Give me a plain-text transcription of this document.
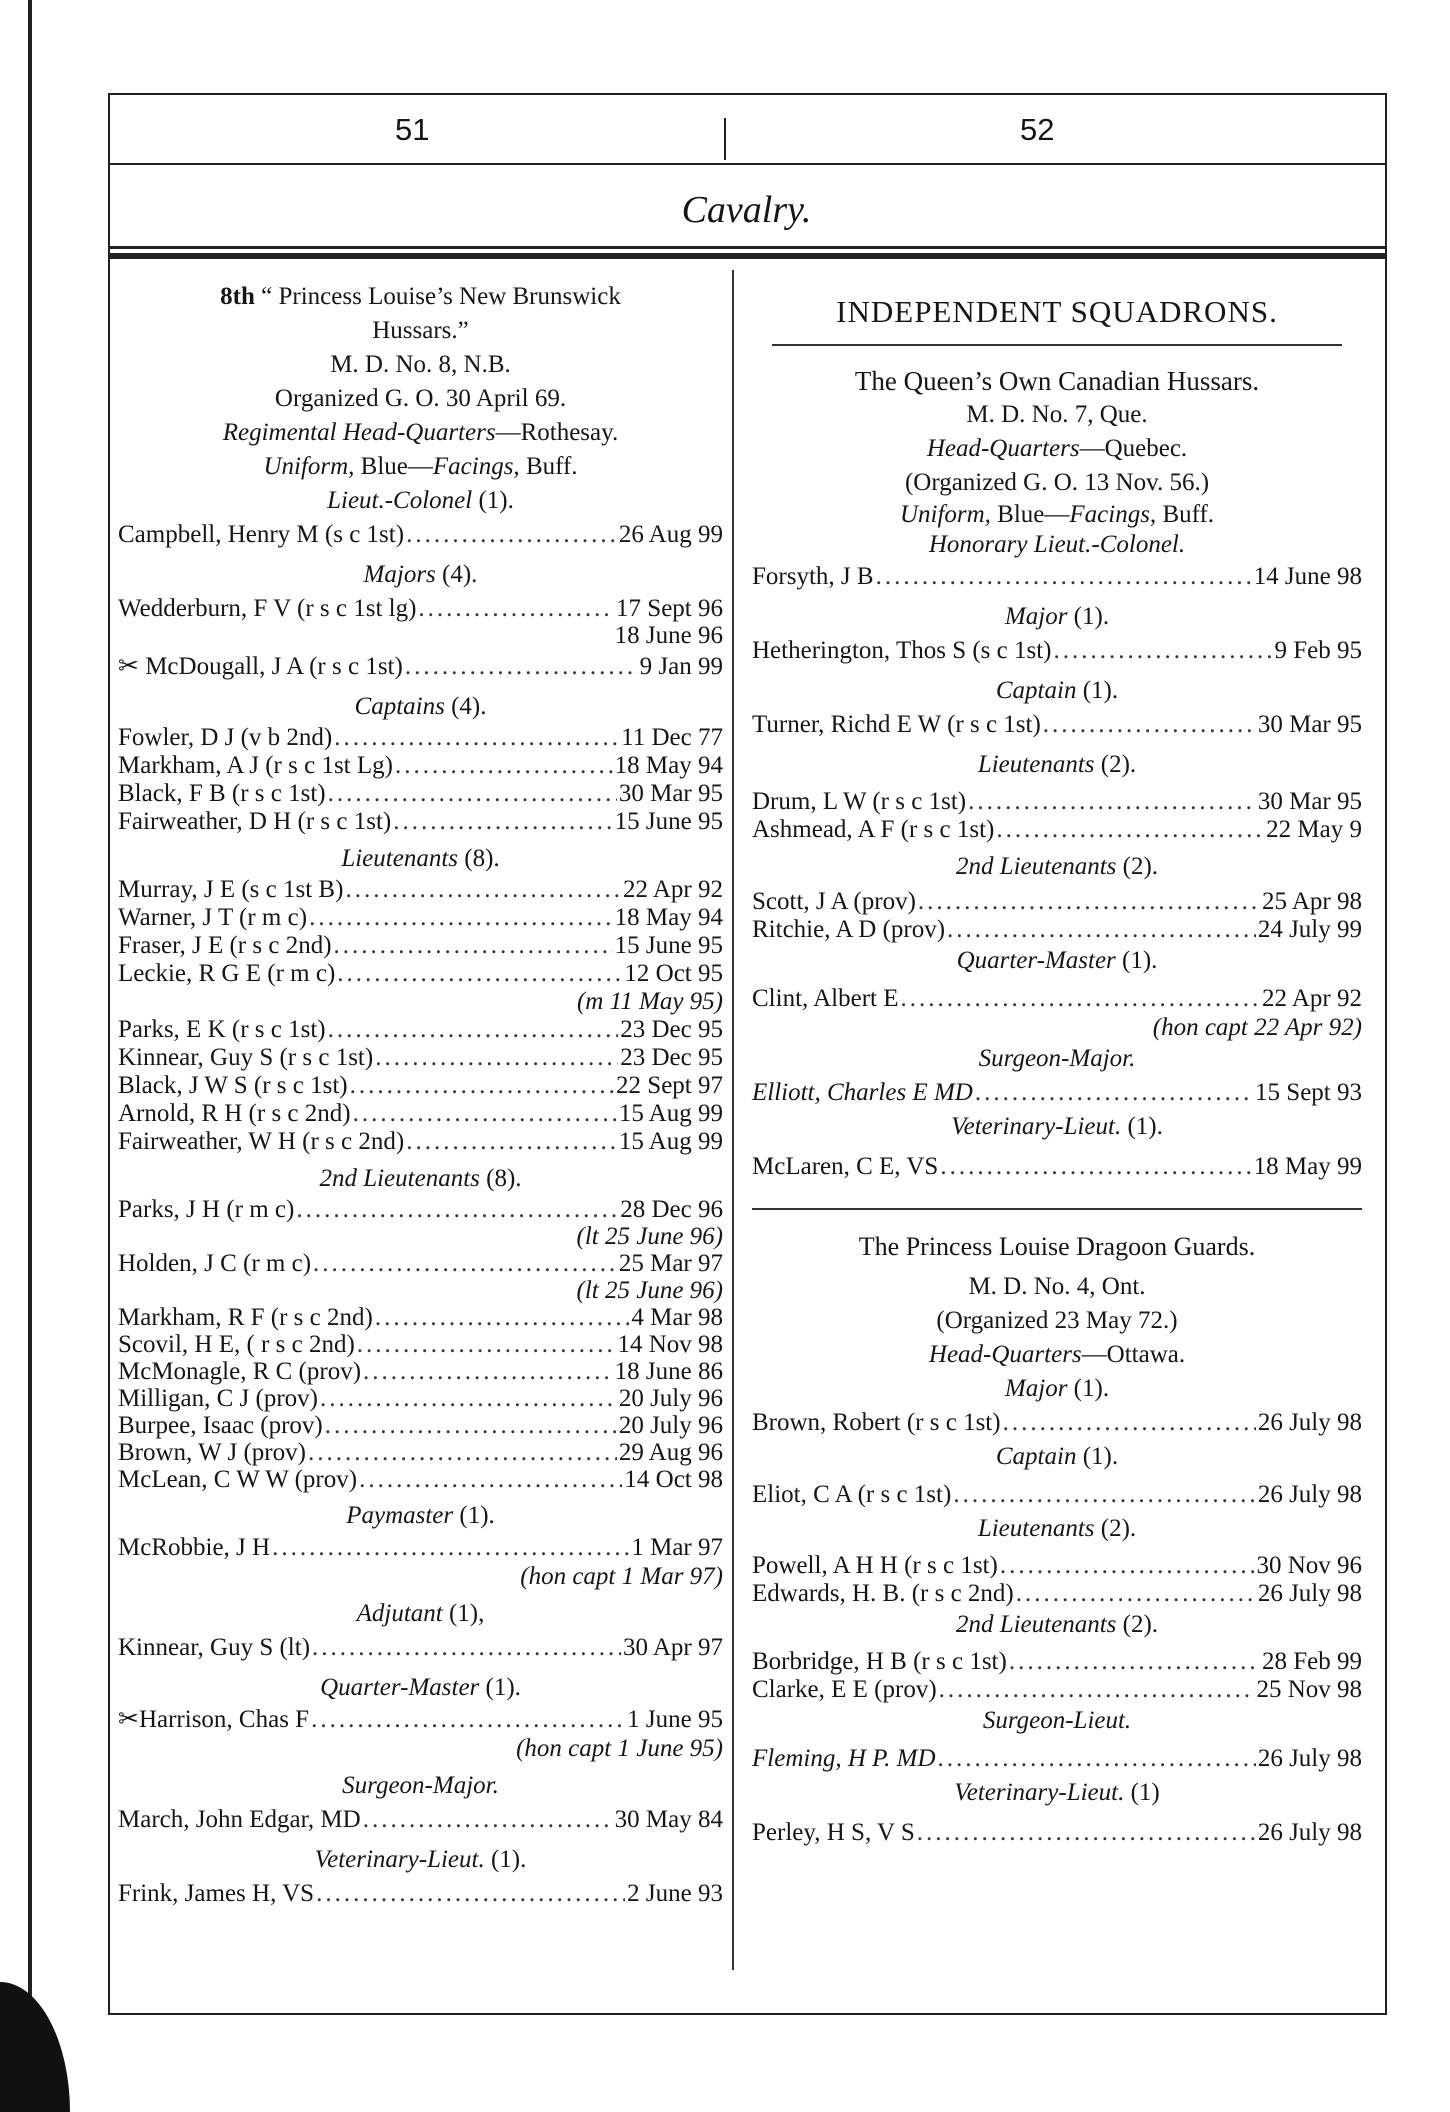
51	52
Cavalry.
8th “ Princess Louise’s New Brunswick
Hussars.”
M. D. No. 8, N.B.
Organized G. O. 30 April 69.
Regimental Head-Quarters—Rothesay.
Uniform, Blue—Facings, Buff.
Lieut.-Colonel (1).
Campbell, Henry M (s c 1st) .....	26 Aug 99
Majors (4).
Wedderburn, F V (r s c 1st lg) .....	17 Sept 96
18 June 96
✂ McDougall, J A (r s c 1st) .....	9 Jan 99
Captains (4).
Fowler, D J (v b 2nd) .....	11 Dec 77
Markham, A J (r s c 1st Lg) .....	18 May 94
Black, F B (r s c 1st) .....	30 Mar 95
Fairweather, D H (r s c 1st) .....	15 June 95
Lieutenants (8).
Murray, J E (s c 1st B) .....	22 Apr 92
Warner, J T (r m c) .....	18 May 94
Fraser, J E (r s c 2nd) .....	15 June 95
Leckie, R G E (r m c) .....	12 Oct 95
(m 11 May 95)
Parks, E K (r s c 1st) .....	23 Dec 95
Kinnear, Guy S (r s c 1st) .....	23 Dec 95
Black, J W S (r s c 1st) .....	22 Sept 97
Arnold, R H (r s c 2nd) .....	15 Aug 99
Fairweather, W H (r s c 2nd) .....	15 Aug 99
2nd Lieutenants (8).
Parks, J H (r m c) .....	28 Dec 96
(lt 25 June 96)
Holden, J C (r m c) .....	25 Mar 97
(lt 25 June 96)
Markham, R F (r s c 2nd) .....	4 Mar 98
Scovil, H E, ( r s c 2nd) .....	14 Nov 98
McMonagle, R C (prov) .....	18 June 86
Milligan, C J (prov) .....	20 July 96
Burpee, Isaac (prov) .....	20 July 96
Brown, W J (prov) .....	29 Aug 96
McLean, C W W (prov) .....	14 Oct 98
Paymaster (1).
McRobbie, J H .....	1 Mar 97
(hon capt 1 Mar 97)
Adjutant (1),
Kinnear, Guy S (lt) .....	30 Apr 97
Quarter-Master (1).
✂Harrison, Chas F .....	1 June 95
(hon capt 1 June 95)
Surgeon-Major.
March, John Edgar, MD .....	30 May 84
Veterinary-Lieut. (1).
Frink, James H, VS .....	2 June 93
INDEPENDENT SQUADRONS.
The Queen’s Own Canadian Hussars.
M. D. No. 7, Que.
Head-Quarters—Quebec.
(Organized G. O. 13 Nov. 56.)
Uniform, Blue—Facings, Buff.
Honorary Lieut.-Colonel.
Forsyth, J B .....	14 June 98
Major (1).
Hetherington, Thos S (s c 1st) .....	9 Feb 95
Captain (1).
Turner, Richd E W (r s c 1st) .....	30 Mar 95
Lieutenants (2).
Drum, L W (r s c 1st) .....	30 Mar 95
Ashmead, A F (r s c 1st) .....	22 May 9
2nd Lieutenants (2).
Scott, J A (prov) .....	25 Apr 98
Ritchie, A D (prov) .....	24 July 99
Quarter-Master (1).
Clint, Albert E .....	22 Apr 92
(hon capt 22 Apr 92)
Surgeon-Major.
Elliott, Charles E MD .....	15 Sept 93
Veterinary-Lieut. (1).
McLaren, C E, VS .....	18 May 99
The Princess Louise Dragoon Guards.
M. D. No. 4, Ont.
(Organized 23 May 72.)
Head-Quarters—Ottawa.
Major (1).
Brown, Robert (r s c 1st) .....	26 July 98
Captain (1).
Eliot, C A (r s c 1st) .....	26 July 98
Lieutenants (2).
Powell, A H H (r s c 1st) .....	30 Nov 96
Edwards, H. B. (r s c 2nd) .....	26 July 98
2nd Lieutenants (2).
Borbridge, H B (r s c 1st) .....	28 Feb 99
Clarke, E E (prov) .....	25 Nov 98
Surgeon-Lieut.
Fleming, H P. MD .....	26 July 98
Veterinary-Lieut. (1)
Perley, H S, V S .....	26 July 98
